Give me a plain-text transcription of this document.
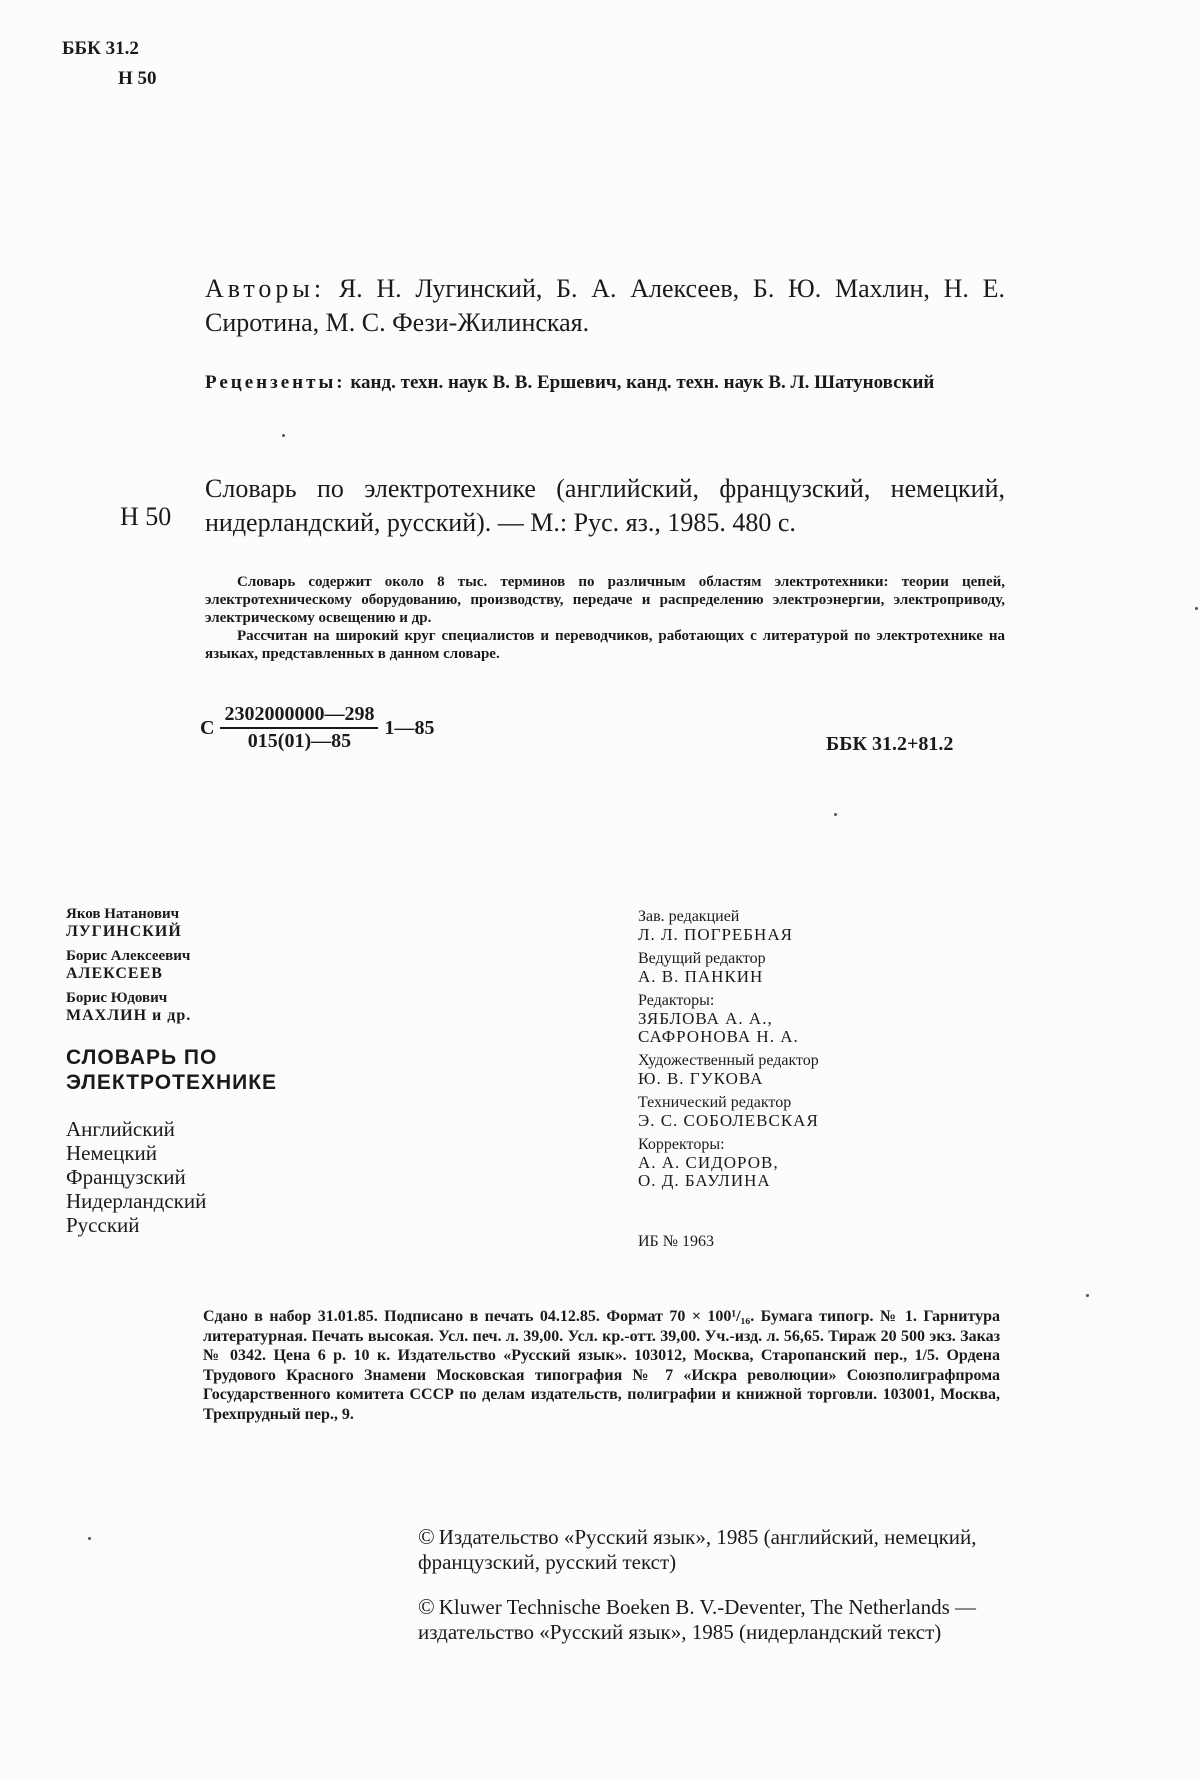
ББК 31.2
Н 50
Авторы: Я. Н. Лугинский, Б. А. Алексеев, Б. Ю. Махлин, Н. Е. Сиротина, М. С. Фези-Жилинская.
Рецензенты: канд. техн. наук В. В. Ершевич, канд. техн. наук В. Л. Шатуновский
Н 50
Словарь по электротехнике (английский, французский, немецкий, нидерландский, русский). — М.: Рус. яз., 1985. 480 с.

Словарь содержит около 8 тыс. терминов по различным областям электротехники: теории цепей, электротехническому оборудованию, производству, передаче и распределению электроэнергии, электроприводу, электрическому освещению и др.

Рассчитан на широкий круг специалистов и переводчиков, работающих с литературой по электротехнике на языках, представленных в данном словаре.

С $\frac{2302000000—298}{015(01)—85}$ 1—85
ББК 31.2+81.2
Яков Натанович
ЛУГИНСКИЙ
Борис Алексеевич
АЛЕКСЕЕВ
Борис Юдович
МАХЛИН и др.
СЛОВАРЬ ПО
ЭЛЕКТРОТЕХНИКЕ
Английский
Немецкий
Французский
Нидерландский
Русский
Зав. редакцией
Л. Л. ПОГРЕБНАЯ
Ведущий редактор
А. В. ПАНКИН
Редакторы:
ЗЯБЛОВА А. А.,
САФРОНОВА Н. А.
Художественный редактор
Ю. В. ГУКОВА
Технический редактор
Э. С. СОБОЛЕВСКАЯ
Корректоры:
А. А. СИДОРОВ,
О. Д. БАУЛИНА
ИБ № 1963
Сдано в набор 31.01.85. Подписано в печать 04.12.85. Формат 70 × 100¹/₁₆. Бумага типогр. № 1. Гарнитура литературная. Печать высокая. Усл. печ. л. 39,00. Усл. кр.-отт. 39,00. Уч.-изд. л. 56,65. Тираж 20 500 экз. Заказ № 0342. Цена 6 р. 10 к. Издательство «Русский язык». 103012, Москва, Старопанский пер., 1/5. Ордена Трудового Красного Знамени Московская типография № 7 «Искра революции» Союзполиграфпрома Государственного комитета СССР по делам издательств, полиграфии и книжной торговли. 103001, Москва, Трехпрудный пер., 9.
© Издательство «Русский язык», 1985 (английский, немецкий, французский, русский текст)
© Kluwer Technische Boeken B. V.-Deventer, The Netherlands — издательство «Русский язык», 1985 (нидерландский текст)
